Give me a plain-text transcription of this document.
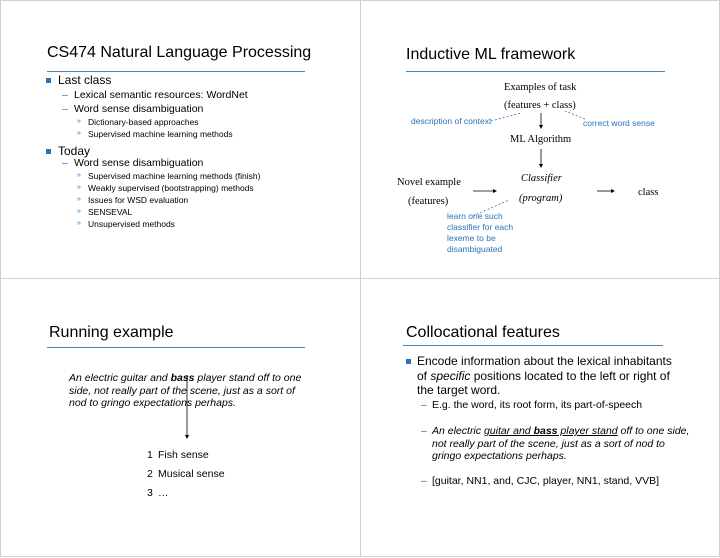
CS474 Natural Language Processing
Last class
– Lexical semantic resources: WordNet
– Word sense disambiguation
» Dictionary-based approaches
» Supervised machine learning methods
Today
– Word sense disambiguation
» Supervised machine learning methods (finish)
» Weakly supervised (bootstrapping) methods
» Issues for WSD evaluation
» SENSEVAL
» Unsupervised methods
Inductive ML framework
Examples of task
(features + class)
description of context	correct word sense
ML Algorithm
Novel example
(features)
Classifier
(program)
class
learn one such
classifier for each
lexeme to be
disambiguated
Running example
An electric guitar and bass player stand off to one
side, not really part of the scene, just as a sort of
nod to gringo expectations perhaps.
1 Fish sense
2 Musical sense
3 …
Collocational features
Encode information about the lexical inhabitants
of specific positions located to the left or right of
the target word.
– E.g. the word, its root form, its part-of-speech
– An electric guitar and bass player stand off to one side,
not really part of the scene, just as a sort of nod to
gringo expectations perhaps.
– [guitar, NN1, and, CJC, player, NN1, stand, VVB]
